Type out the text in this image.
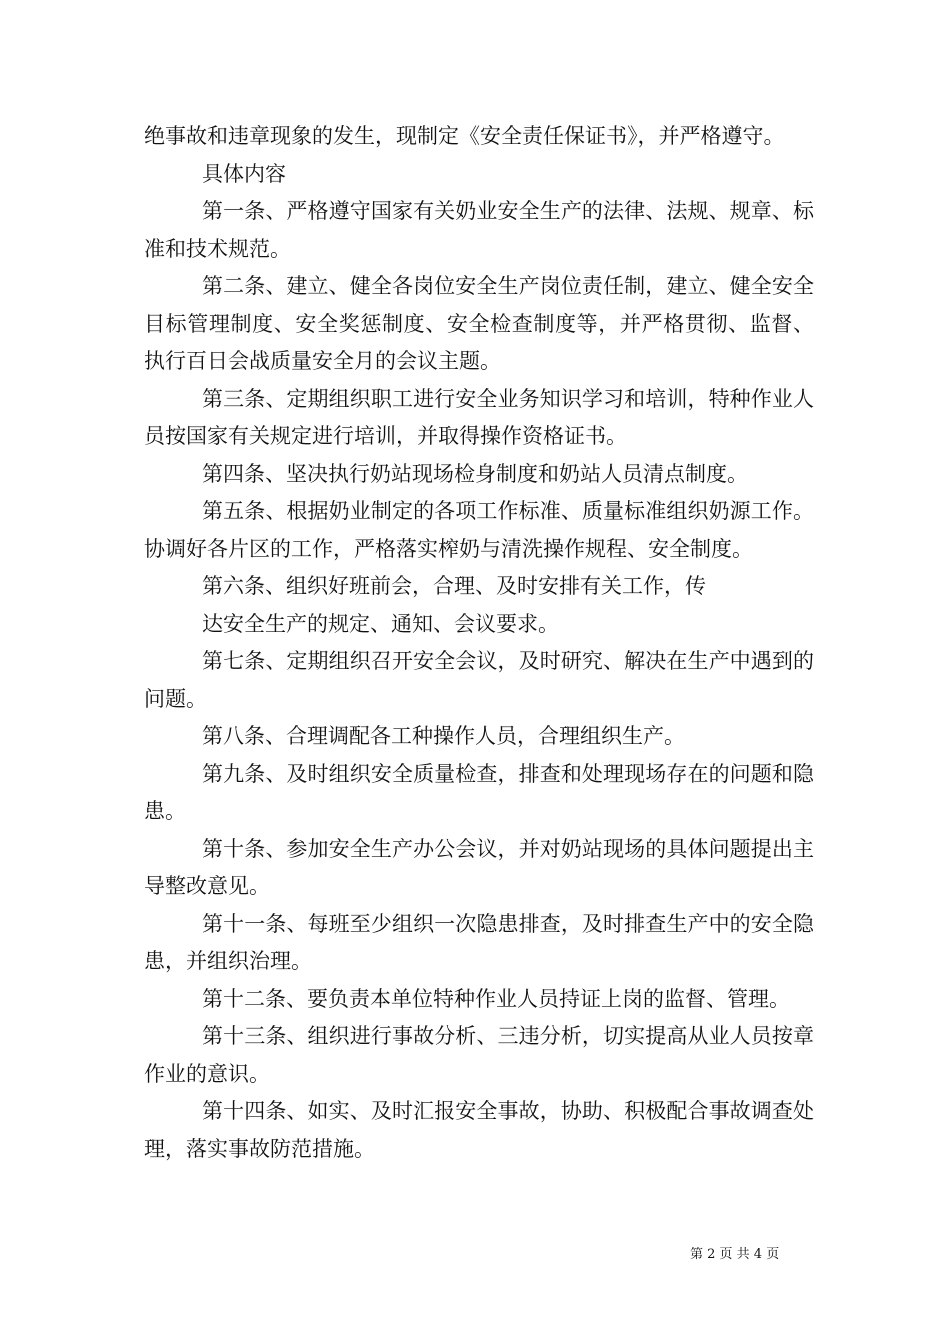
绝事故和违章现象的发生，现制定《安全责任保证书》，并严格遵守。

具体内容

第一条、严格遵守国家有关奶业安全生产的法律、法规、规章、标准和技术规范。

第二条、建立、健全各岗位安全生产岗位责任制，建立、健全安全目标管理制度、安全奖惩制度、安全检查制度等，并严格贯彻、监督、执行百日会战质量安全月的会议主题。

第三条、定期组织职工进行安全业务知识学习和培训，特种作业人员按国家有关规定进行培训，并取得操作资格证书。

第四条、坚决执行奶站现场检身制度和奶站人员清点制度。

第五条、根据奶业制定的各项工作标准、质量标准组织奶源工作。协调好各片区的工作，严格落实榨奶与清洗操作规程、安全制度。

第六条、组织好班前会，合理、及时安排有关工作，传
达安全生产的规定、通知、会议要求。

第七条、定期组织召开安全会议，及时研究、解决在生产中遇到的问题。

第八条、合理调配各工种操作人员，合理组织生产。

第九条、及时组织安全质量检查，排查和处理现场存在的问题和隐患。

第十条、参加安全生产办公会议，并对奶站现场的具体问题提出主导整改意见。

第十一条、每班至少组织一次隐患排查，及时排查生产中的安全隐患，并组织治理。

第十二条、要负责本单位特种作业人员持证上岗的监督、管理。

第十三条、组织进行事故分析、三违分析，切实提高从业人员按章作业的意识。

第十四条、如实、及时汇报安全事故，协助、积极配合事故调查处理，落实事故防范措施。

第 2 页 共 4 页
